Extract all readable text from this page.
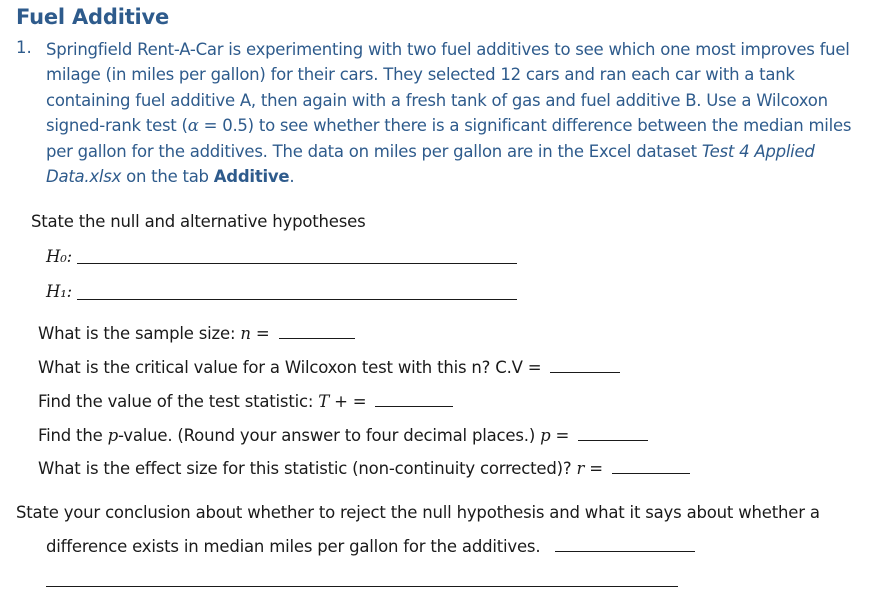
Fuel Additive
1. Springfield Rent-A-Car is experimenting with two fuel additives to see which one most improves fuel milage (in miles per gallon) for their cars. They selected 12 cars and ran each car with a tank containing fuel additive A, then again with a fresh tank of gas and fuel additive B. Use a Wilcoxon signed-rank test (α = 0.5) to see whether there is a significant difference between the median miles per gallon for the additives. The data on miles per gallon are in the Excel dataset Test 4 Applied Data.xlsx on the tab Additive.

State the null and alternative hypotheses
H₀:
H₁:
What is the sample size: n =
What is the critical value for a Wilcoxon test with this n? C.V =
Find the value of the test statistic: T + =
Find the p-value. (Round your answer to four decimal places.) p =
What is the effect size for this statistic (non-continuity corrected)? r =
State your conclusion about whether to reject the null hypothesis and what it says about whether a
difference exists in median miles per gallon for the additives.
